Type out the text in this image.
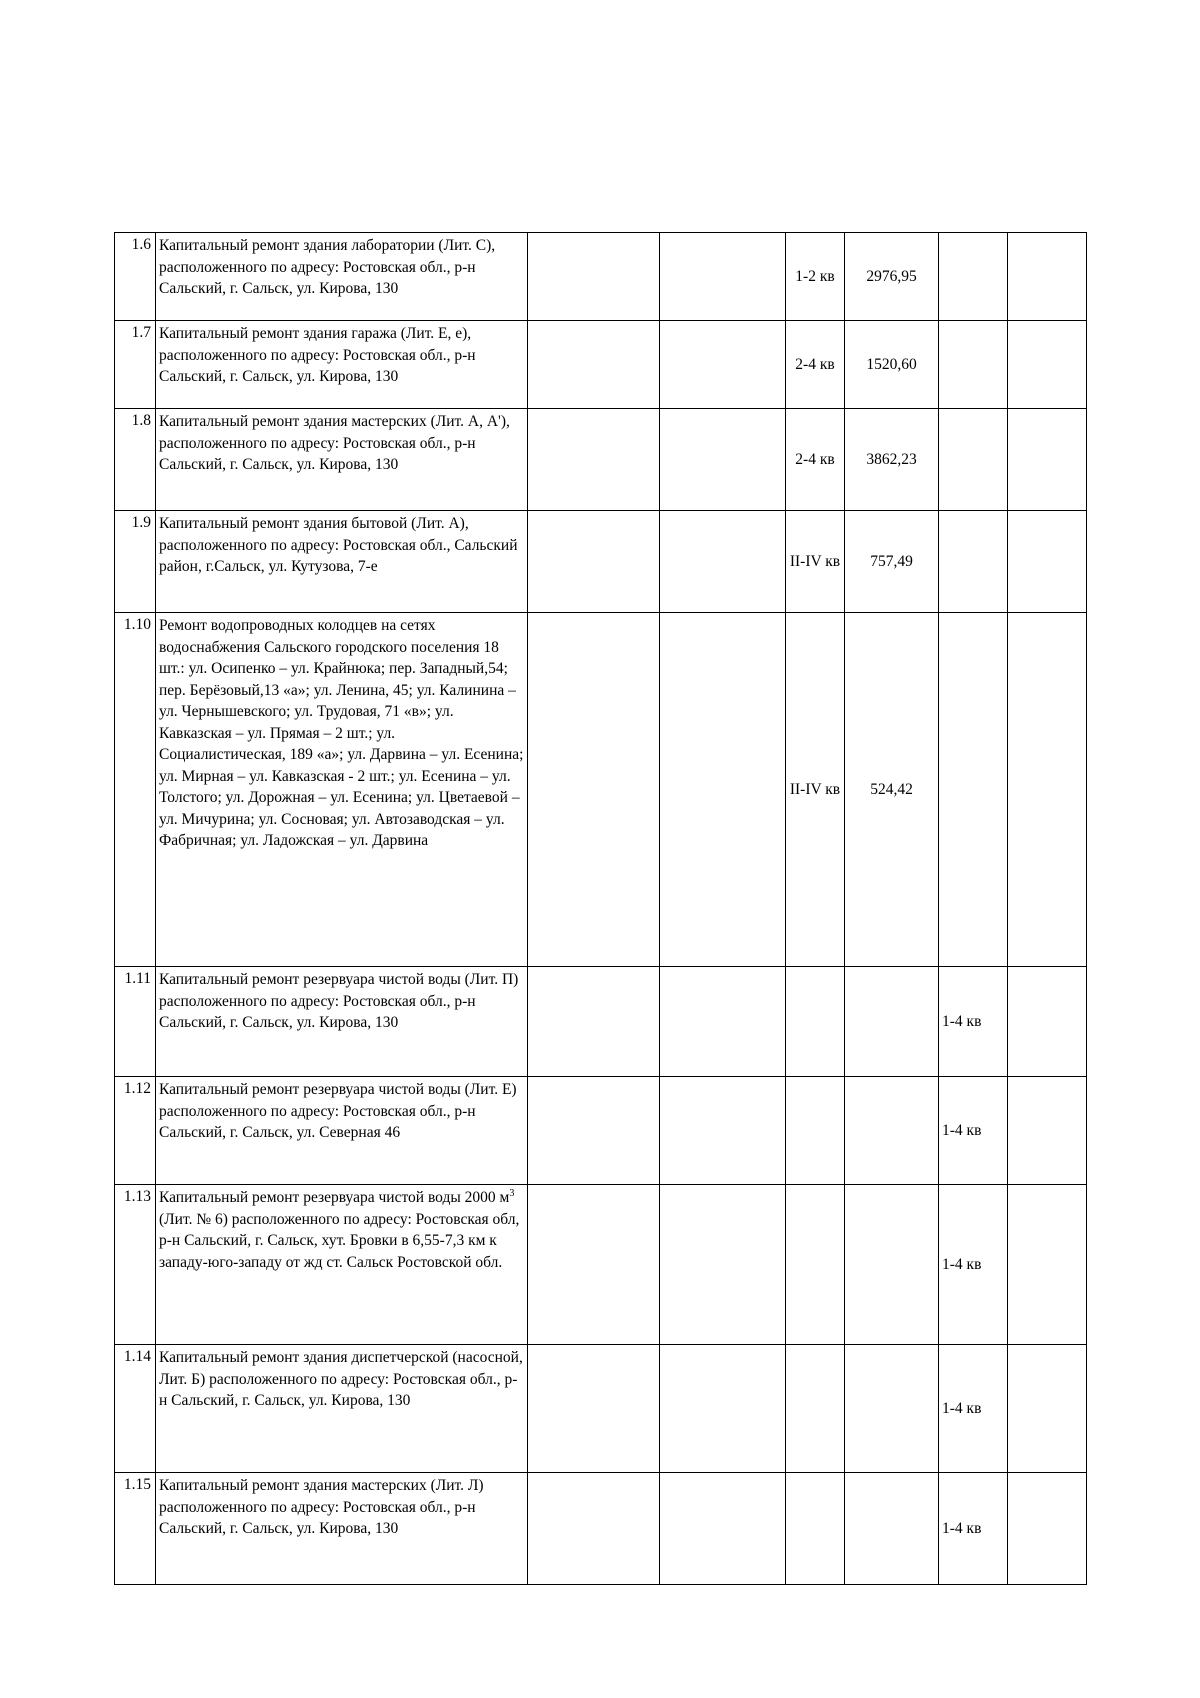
1.6	Капитальный ремонт здания лаборатории (Лит. С), расположенного по адресу: Ростовская обл., р-н Сальский, г. Сальск, ул. Кирова, 130			1-2 кв	2976,95		
1.7	Капитальный ремонт здания гаража (Лит. Е, е), расположенного по адресу: Ростовская обл., р-н Сальский, г. Сальск, ул. Кирова, 130			2-4 кв	1520,60		
1.8	Капитальный ремонт здания мастерских (Лит. А, А'), расположенного по адресу: Ростовская обл., р-н Сальский, г. Сальск, ул. Кирова, 130			2-4 кв	3862,23		
1.9	Капитальный ремонт здания бытовой (Лит. А), расположенного по адресу: Ростовская обл., Сальский район, г.Сальск, ул. Кутузова, 7-е			II-IV кв	757,49		
1.10	Ремонт водопроводных колодцев на сетях водоснабжения Сальского городского поселения 18 шт.: ул. Осипенко – ул. Крайнюка; пер. Западный,54; пер. Берёзовый,13 «а»; ул. Ленина, 45; ул. Калинина – ул. Чернышевского; ул. Трудовая, 71 «в»; ул. Кавказская – ул. Прямая – 2 шт.; ул. Социалистическая, 189 «а»; ул. Дарвина – ул. Есенина; ул. Мирная – ул. Кавказская - 2 шт.; ул. Есенина – ул. Толстого; ул. Дорожная – ул. Есенина; ул. Цветаевой – ул. Мичурина; ул. Сосновая; ул. Автозаводская – ул. Фабричная; ул. Ладожская – ул. Дарвина			II-IV кв	524,42		
1.11	Капитальный ремонт резервуара чистой воды (Лит. П) расположенного по адресу: Ростовская обл., р-н Сальский, г. Сальск, ул. Кирова, 130					1-4 кв	
1.12	Капитальный ремонт резервуара чистой воды (Лит. Е) расположенного по адресу: Ростовская обл., р-н Сальский, г. Сальск, ул. Северная 46					1-4 кв	
1.13	Капитальный ремонт резервуара чистой воды 2000 $м^3$ (Лит. № 6) расположенного по адресу: Ростовская обл, р-н Сальский, г. Сальск, хут. Бровки в 6,55-7,3 км к западу-юго-западу от жд ст. Сальск Ростовской обл.					1-4 кв	
1.14	Капитальный ремонт здания диспетчерской (насосной, Лит. Б) расположенного по адресу: Ростовская обл., р-н Сальский, г. Сальск, ул. Кирова, 130					1-4 кв	
1.15	Капитальный ремонт здания мастерских (Лит. Л) расположенного по адресу: Ростовская обл., р-н Сальский, г. Сальск, ул. Кирова, 130					1-4 кв	
